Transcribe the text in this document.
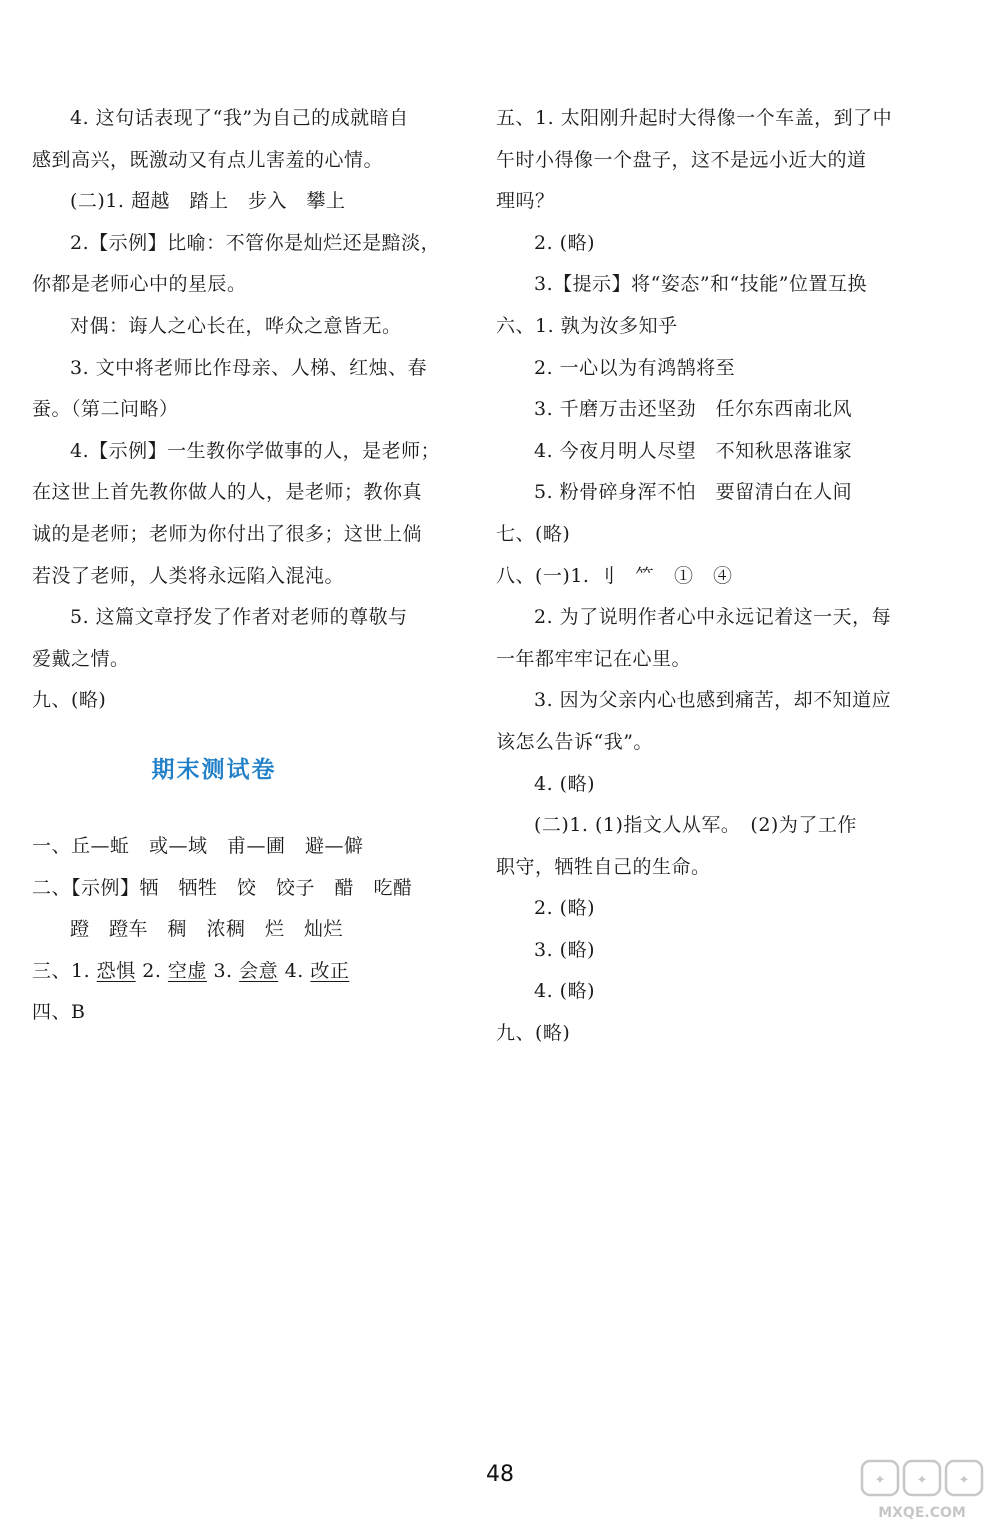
4. 这句话表现了“我”为自己的成就暗自
感到高兴，既激动又有点儿害羞的心情。
(二)1. 超越　踏上　步入　攀上
2.【示例】比喻：不管你是灿烂还是黯淡，
你都是老师心中的星辰。
对偶：诲人之心长在，哗众之意皆无。
3. 文中将老师比作母亲、人梯、红烛、春
蚕。（第二问略）
4.【示例】一生教你学做事的人，是老师；
在这世上首先教你做人的人，是老师；教你真
诚的是老师；老师为你付出了很多；这世上倘
若没了老师，人类将永远陷入混沌。
5. 这篇文章抒发了作者对老师的尊敬与
爱戴之情。
九、(略)
期末测试卷
一、丘—蚯　或—域　甫—圃　避—僻
二、【示例】牺　牺牲　饺　饺子　醋　吃醋
蹬　蹬车　稠　浓稠　烂　灿烂
三、1. 恐惧 2. 空虚 3. 会意 4. 改正
四、B
五、1. 太阳刚升起时大得像一个车盖，到了中
午时小得像一个盘子，这不是远小近大的道
理吗？
2. (略)
3.【提示】将“姿态”和“技能”位置互换
六、1. 孰为汝多知乎
2. 一心以为有鸿鹄将至
3. 千磨万击还坚劲　任尔东西南北风
4. 今夜月明人尽望　不知秋思落谁家
5. 粉骨碎身浑不怕　要留清白在人间
七、(略)
八、(一)1. 刂　⺮　①　④
2. 为了说明作者心中永远记着这一天，每
一年都牢牢记在心里。
3. 因为父亲内心也感到痛苦，却不知道应
该怎么告诉“我”。
4. (略)
(二)1. (1)指文人从军。　(2)为了工作
职守，牺牲自己的生命。
2. (略)
3. (略)
4. (略)
九、(略)
48	✦ ✦ ✦
MXQE.COM
